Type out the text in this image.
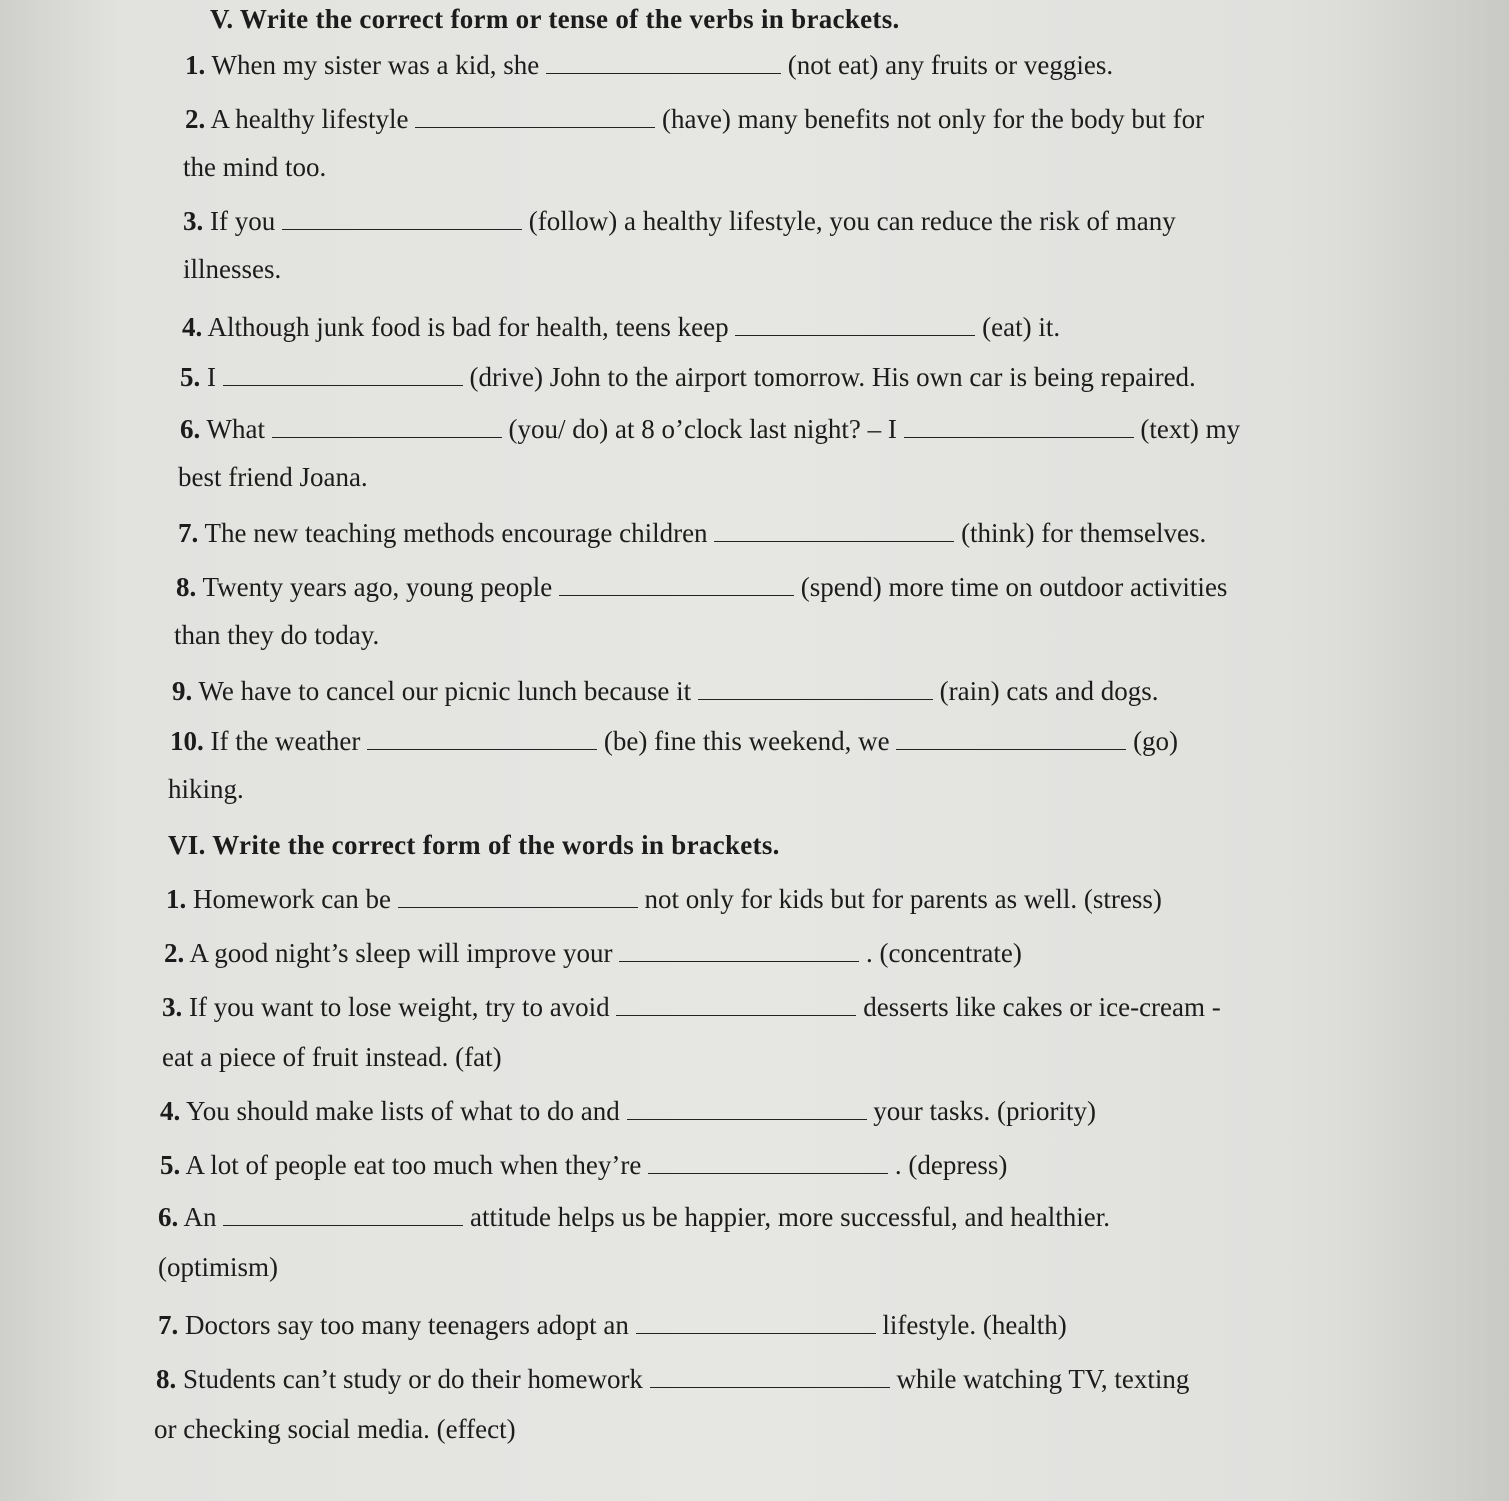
V. Write the correct form or tense of the verbs in brackets.
1. When my sister was a kid, she	(not eat) any fruits or veggies.
2. A healthy lifestyle	(have) many benefits not only for the body but for
the mind too.
3. If you	(follow) a healthy lifestyle, you can reduce the risk of many
illnesses.
4. Although junk food is bad for health, teens keep	(eat) it.
5. I	(drive) John to the airport tomorrow. His own car is being repaired.
6. What	(you/ do) at 8 o’clock last night? – I	(text) my
best friend Joana.
7. The new teaching methods encourage children	(think) for themselves.
8. Twenty years ago, young people	(spend) more time on outdoor activities
than they do today.
9. We have to cancel our picnic lunch because it	(rain) cats and dogs.
10. If the weather	(be) fine this weekend, we	(go)
hiking.
VI. Write the correct form of the words in brackets.
1. Homework can be	not only for kids but for parents as well. (stress)
2. A good night’s sleep will improve your	. (concentrate)
3. If you want to lose weight, try to avoid	desserts like cakes or ice-cream -
eat a piece of fruit instead. (fat)
4. You should make lists of what to do and	your tasks. (priority)
5. A lot of people eat too much when they’re	. (depress)
6. An	attitude helps us be happier, more successful, and healthier.
(optimism)
7. Doctors say too many teenagers adopt an	lifestyle. (health)
8. Students can’t study or do their homework	while watching TV, texting
or checking social media. (effect)
